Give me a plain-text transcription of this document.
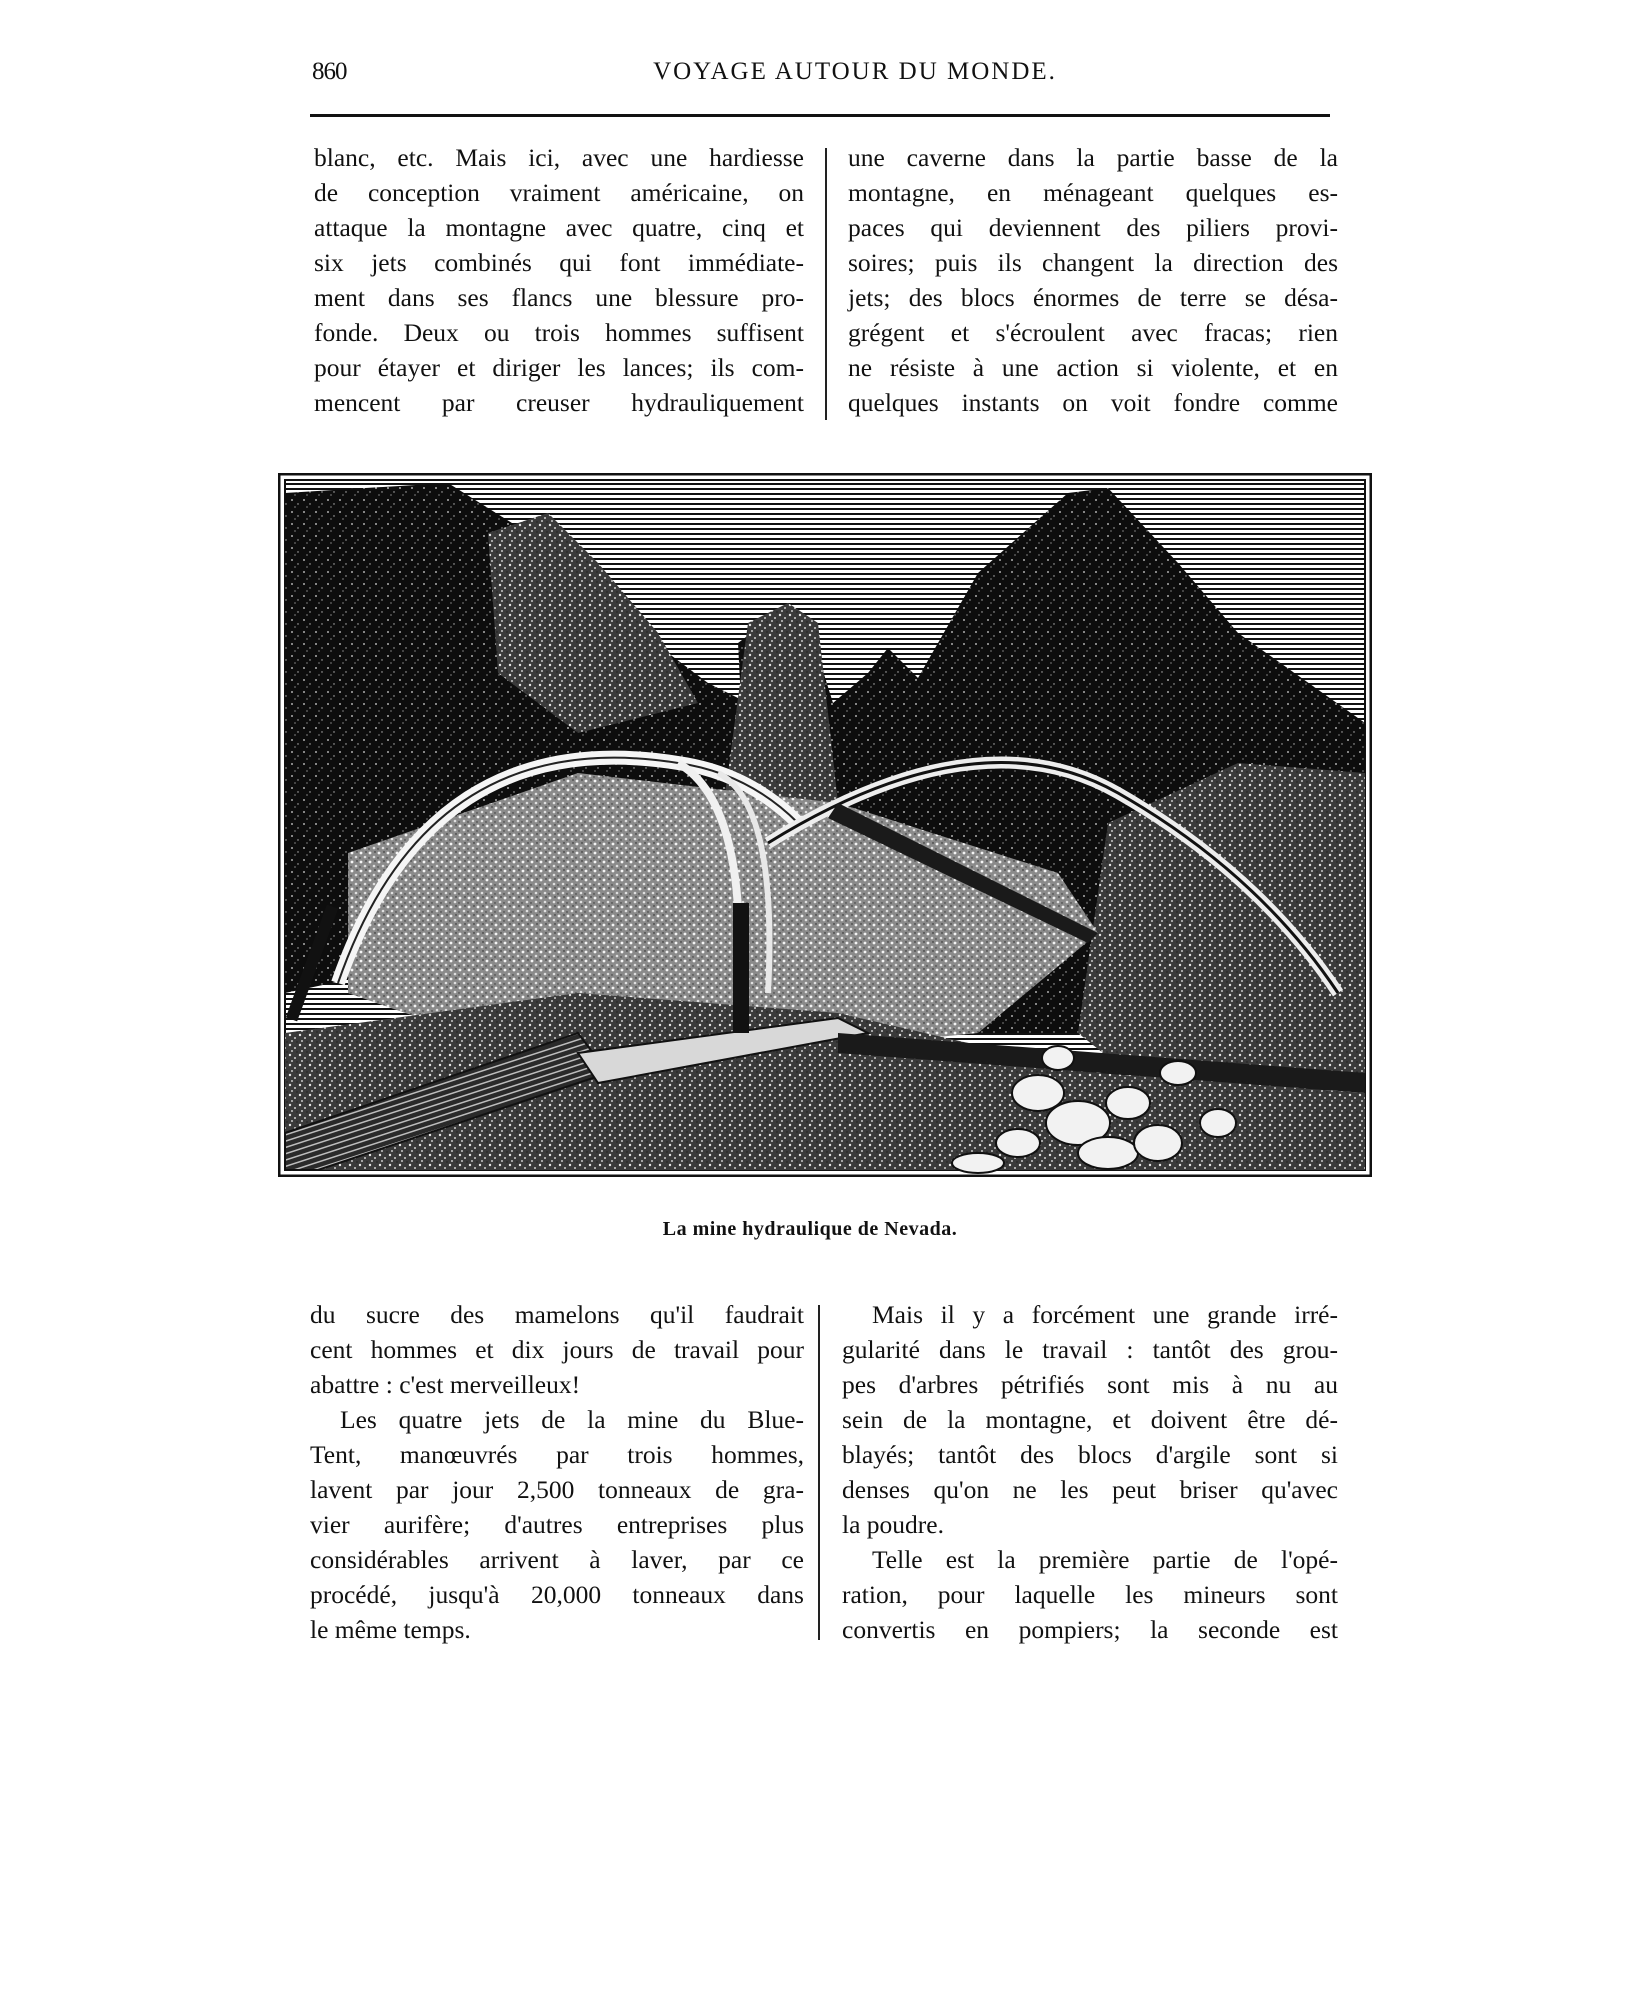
860	VOYAGE AUTOUR DU MONDE.
blanc, etc. Mais ici, avec une hardiesse
de conception vraiment américaine, on
attaque la montagne avec quatre, cinq et
six jets combinés qui font immédiate-
ment dans ses flancs une blessure pro-
fonde. Deux ou trois hommes suffisent
pour étayer et diriger les lances; ils com-
mencent par creuser hydrauliquement
une caverne dans la partie basse de la
montagne, en ménageant quelques es-
paces qui deviennent des piliers provi-
soires; puis ils changent la direction des
jets; des blocs énormes de terre se désa-
grégent et s'écroulent avec fracas; rien
ne résiste à une action si violente, et en
quelques instants on voit fondre comme
La mine hydraulique de Nevada.
du sucre des mamelons qu'il faudrait
cent hommes et dix jours de travail pour
abattre : c'est merveilleux!
Les quatre jets de la mine du Blue-
Tent, manœuvrés par trois hommes,
lavent par jour 2,500 tonneaux de gra-
vier aurifère; d'autres entreprises plus
considérables arrivent à laver, par ce
procédé, jusqu'à 20,000 tonneaux dans
le même temps.
Mais il y a forcément une grande irré-
gularité dans le travail : tantôt des grou-
pes d'arbres pétrifiés sont mis à nu au
sein de la montagne, et doivent être dé-
blayés; tantôt des blocs d'argile sont si
denses qu'on ne les peut briser qu'avec
la poudre.
Telle est la première partie de l'opé-
ration, pour laquelle les mineurs sont
convertis en pompiers; la seconde est
